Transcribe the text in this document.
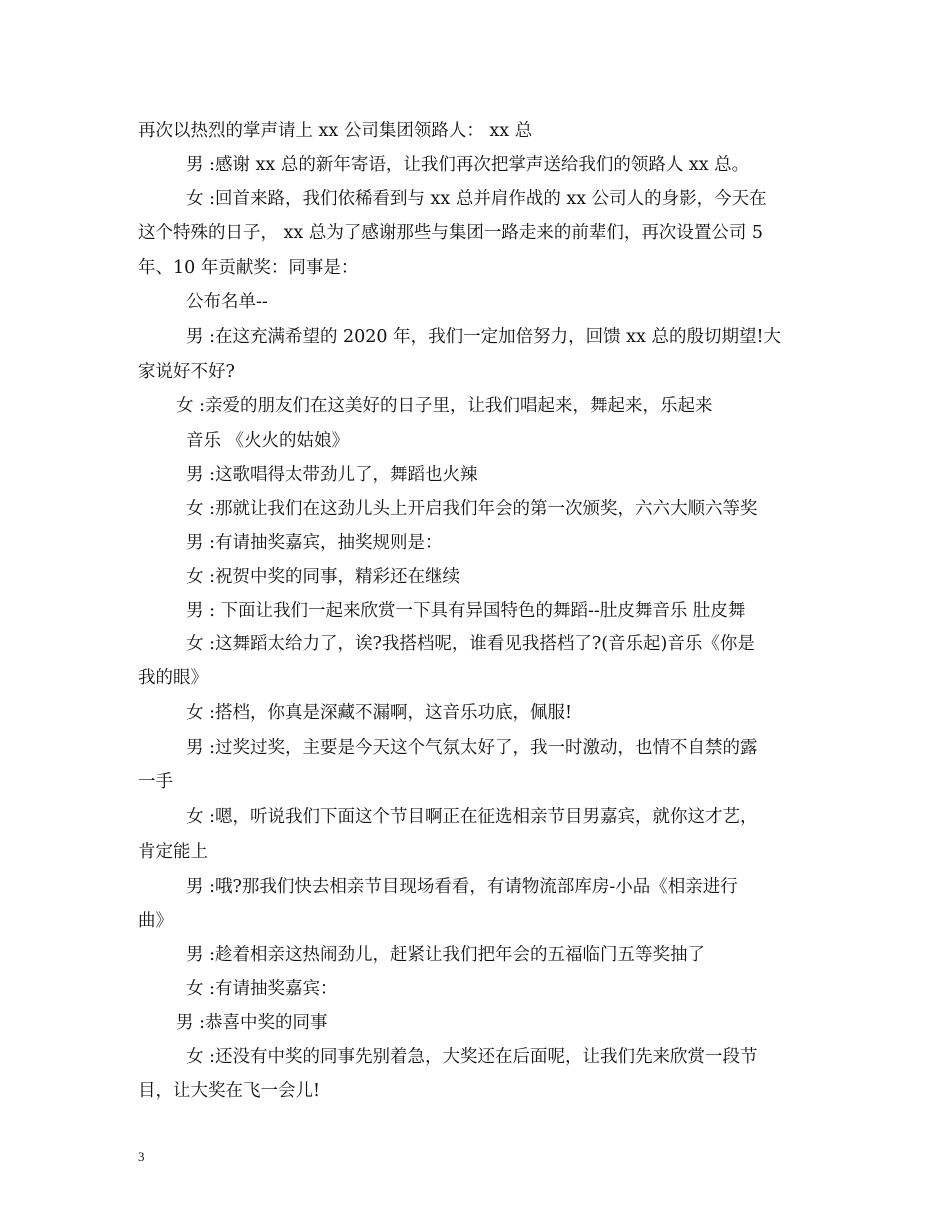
再次以热烈的掌声请上 xx 公司集团领路人： xx 总
男 :感谢 xx 总的新年寄语，让我们再次把掌声送给我们的领路人 xx 总。
女 :回首来路，我们依稀看到与 xx 总并肩作战的 xx 公司人的身影，今天在
这个特殊的日子， xx 总为了感谢那些与集团一路走来的前辈们，再次设置公司 5
年、10 年贡献奖：同事是：
公布名单--
男 :在这充满希望的 2020 年，我们一定加倍努力，回馈 xx 总的殷切期望!大
家说好不好?
女 :亲爱的朋友们在这美好的日子里，让我们唱起来，舞起来，乐起来
音乐 《火火的姑娘》
男 :这歌唱得太带劲儿了，舞蹈也火辣
女 :那就让我们在这劲儿头上开启我们年会的第一次颁奖，六六大顺六等奖
男 :有请抽奖嘉宾，抽奖规则是：
女 :祝贺中奖的同事，精彩还在继续
男 : 下面让我们一起来欣赏一下具有异国特色的舞蹈--肚皮舞音乐 肚皮舞
女 :这舞蹈太给力了，诶?我搭档呢，谁看见我搭档了?(音乐起)音乐《你是
我的眼》
女 :搭档，你真是深藏不漏啊，这音乐功底，佩服!
男 :过奖过奖，主要是今天这个气氛太好了，我一时激动，也情不自禁的露
一手
女 :嗯，听说我们下面这个节目啊正在征选相亲节目男嘉宾，就你这才艺，
肯定能上
男 :哦?那我们快去相亲节目现场看看，有请物流部库房-小品《相亲进行
曲》
男 :趁着相亲这热闹劲儿，赶紧让我们把年会的五福临门五等奖抽了
女 :有请抽奖嘉宾：
男 :恭喜中奖的同事
女 :还没有中奖的同事先别着急，大奖还在后面呢，让我们先来欣赏一段节
目，让大奖在飞一会儿!
3
